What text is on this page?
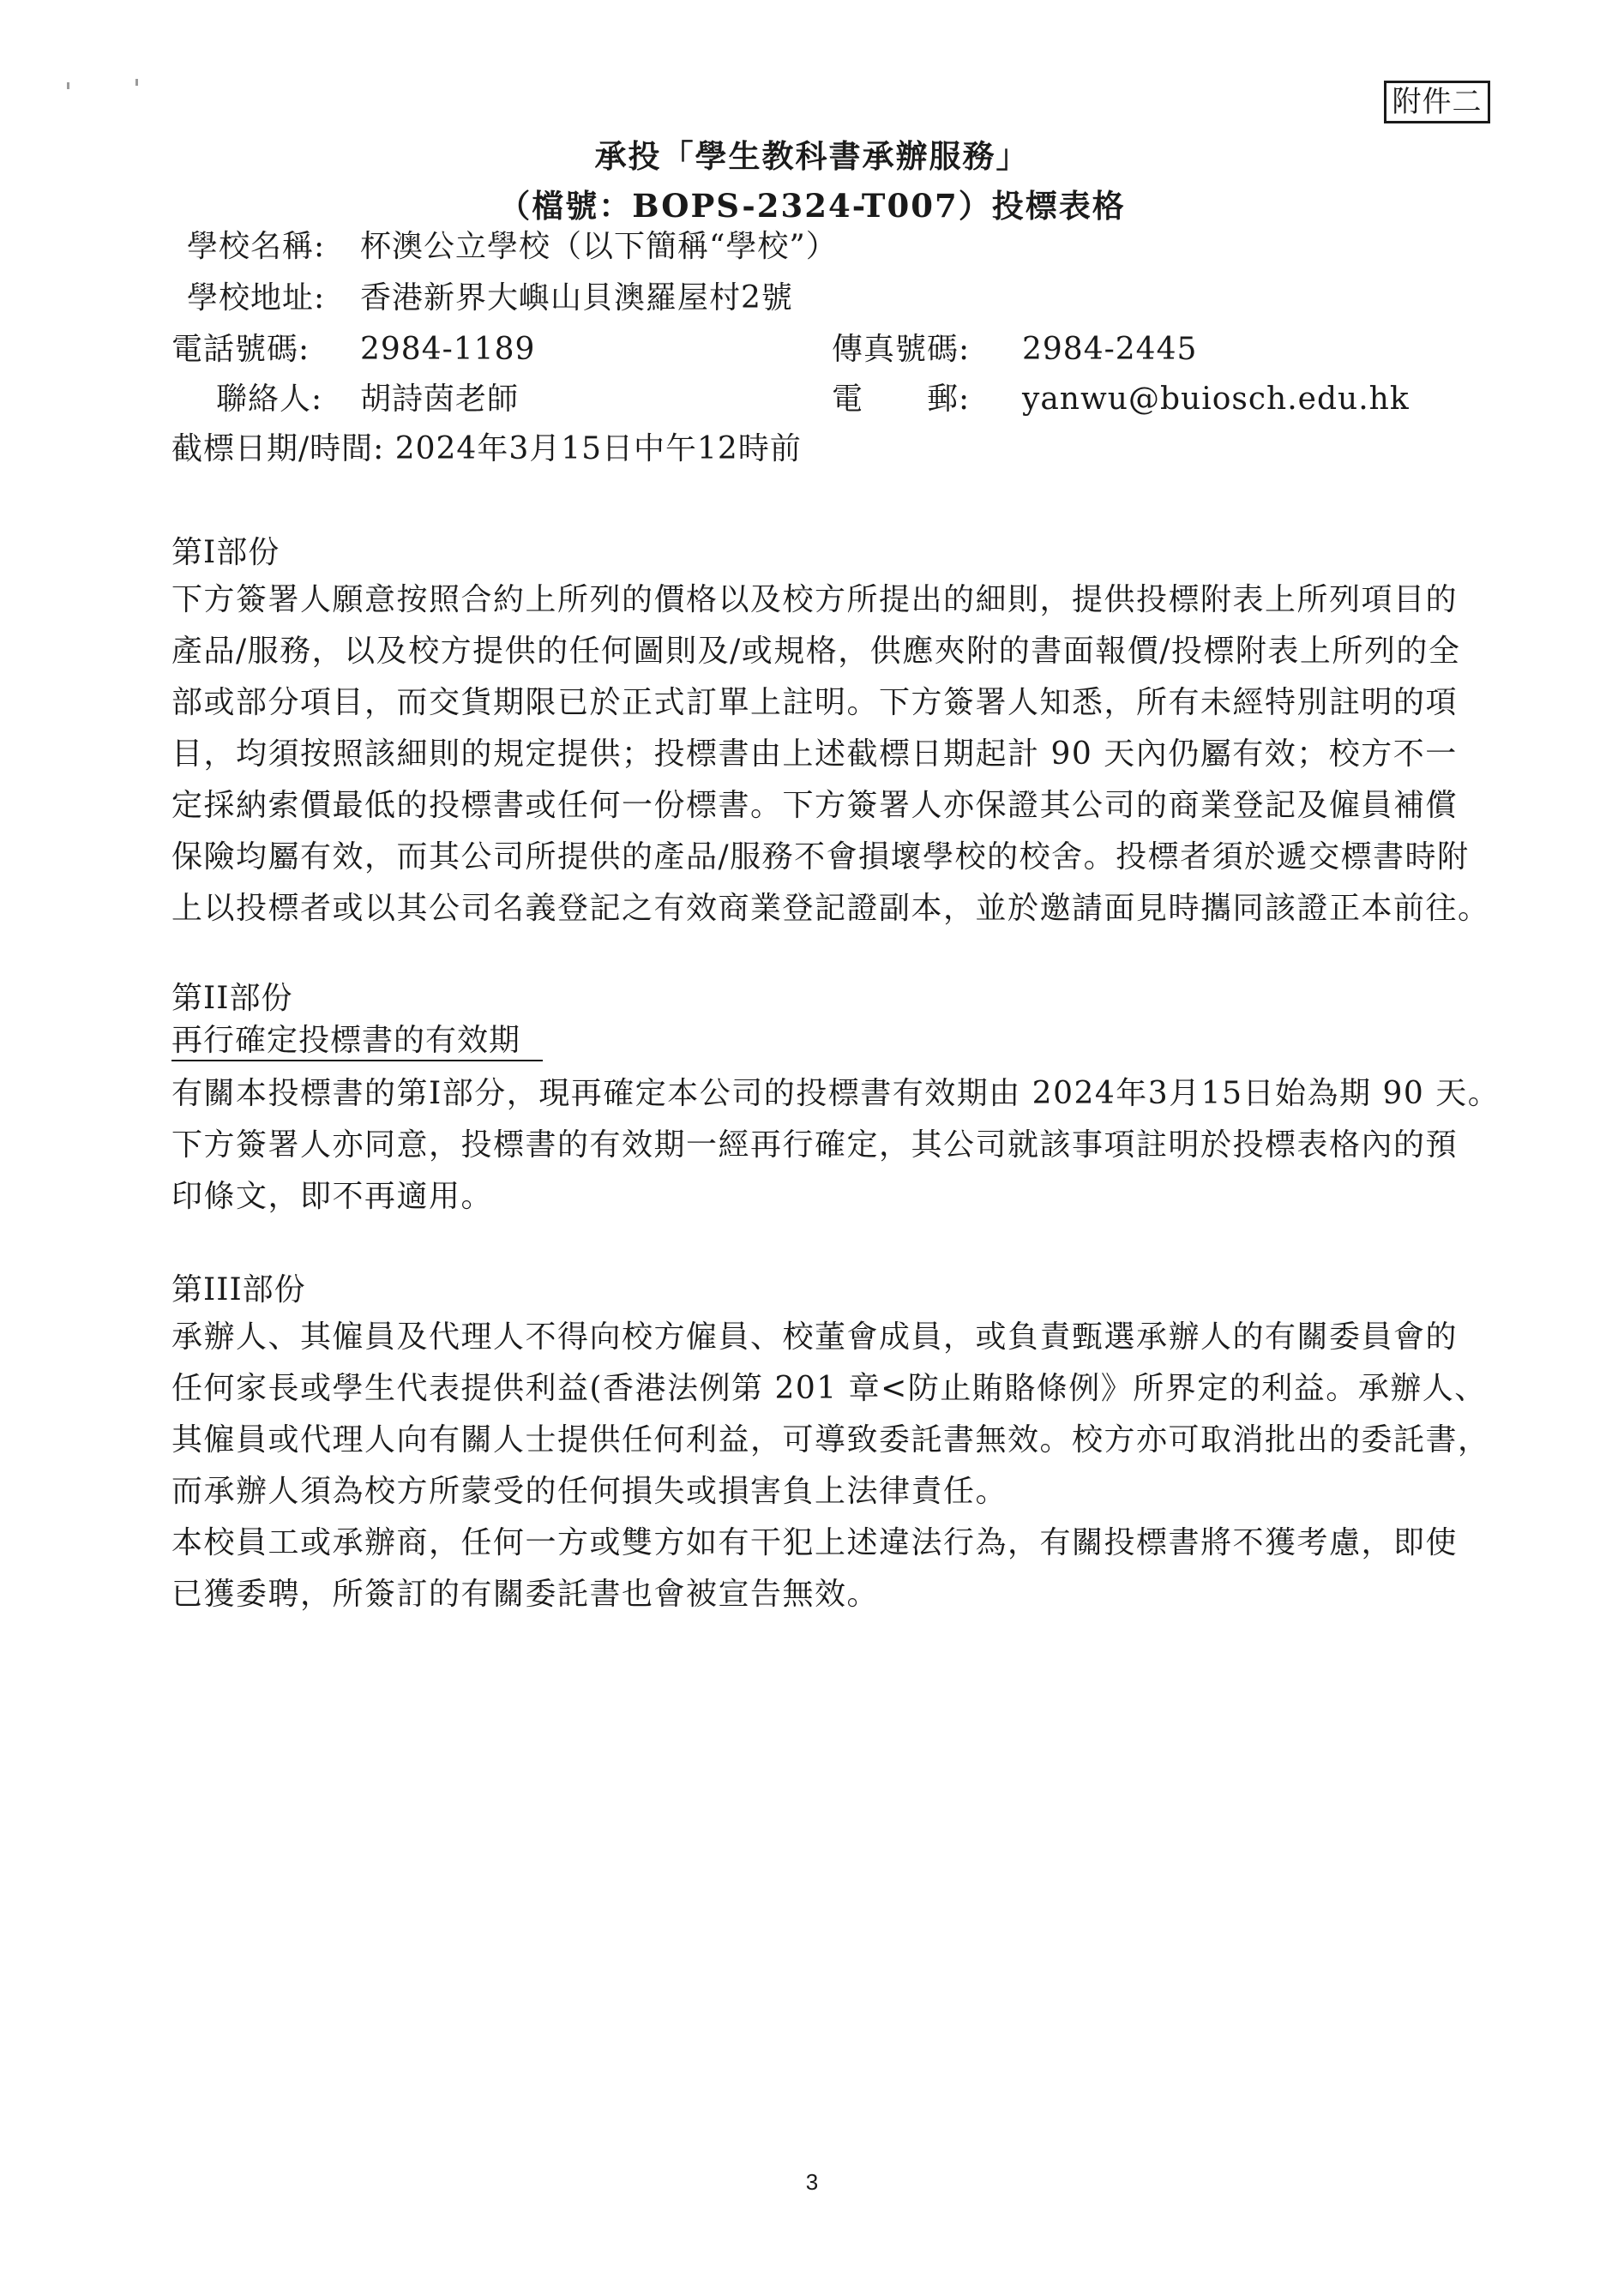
附件二
承投「學生教科書承辦服務」
（檔號：BOPS-2324-T007）投標表格
學校名稱: 杯澳公立學校（以下簡稱“學校”）
學校地址: 香港新界大嶼山貝澳羅屋村2號
電話號碼: 2984-1189	傳真號碼: 2984-2445
聯絡人: 胡詩茵老師	電　　郵: yanwu@buiosch.edu.hk
截標日期/時間: 2024年3月15日中午12時前
第I部份
下方簽署人願意按照合約上所列的價格以及校方所提出的細則，提供投標附表上所列項目的
產品/服務，以及校方提供的任何圖則及/或規格，供應夾附的書面報價/投標附表上所列的全
部或部分項目，而交貨期限已於正式訂單上註明。下方簽署人知悉，所有未經特別註明的項
目，均須按照該細則的規定提供；投標書由上述截標日期起計 90 天內仍屬有效；校方不一
定採納索價最低的投標書或任何一份標書。下方簽署人亦保證其公司的商業登記及僱員補償
保險均屬有效，而其公司所提供的產品/服務不會損壞學校的校舍。投標者須於遞交標書時附
上以投標者或以其公司名義登記之有效商業登記證副本，並於邀請面見時攜同該證正本前往。
第II部份
再行確定投標書的有效期
有關本投標書的第I部分，現再確定本公司的投標書有效期由 2024年3月15日始為期 90 天。
下方簽署人亦同意，投標書的有效期一經再行確定，其公司就該事項註明於投標表格內的預
印條文，即不再適用。
第III部份
承辦人、其僱員及代理人不得向校方僱員、校董會成員，或負責甄選承辦人的有關委員會的
任何家長或學生代表提供利益(香港法例第 201 章<防止賄賂條例》所界定的利益。承辦人、
其僱員或代理人向有關人士提供任何利益，可導致委託書無效。校方亦可取消批出的委託書，
而承辦人須為校方所蒙受的任何損失或損害負上法律責任。
本校員工或承辦商，任何一方或雙方如有干犯上述違法行為，有關投標書將不獲考慮，即使
已獲委聘，所簽訂的有關委託書也會被宣告無效。
3
